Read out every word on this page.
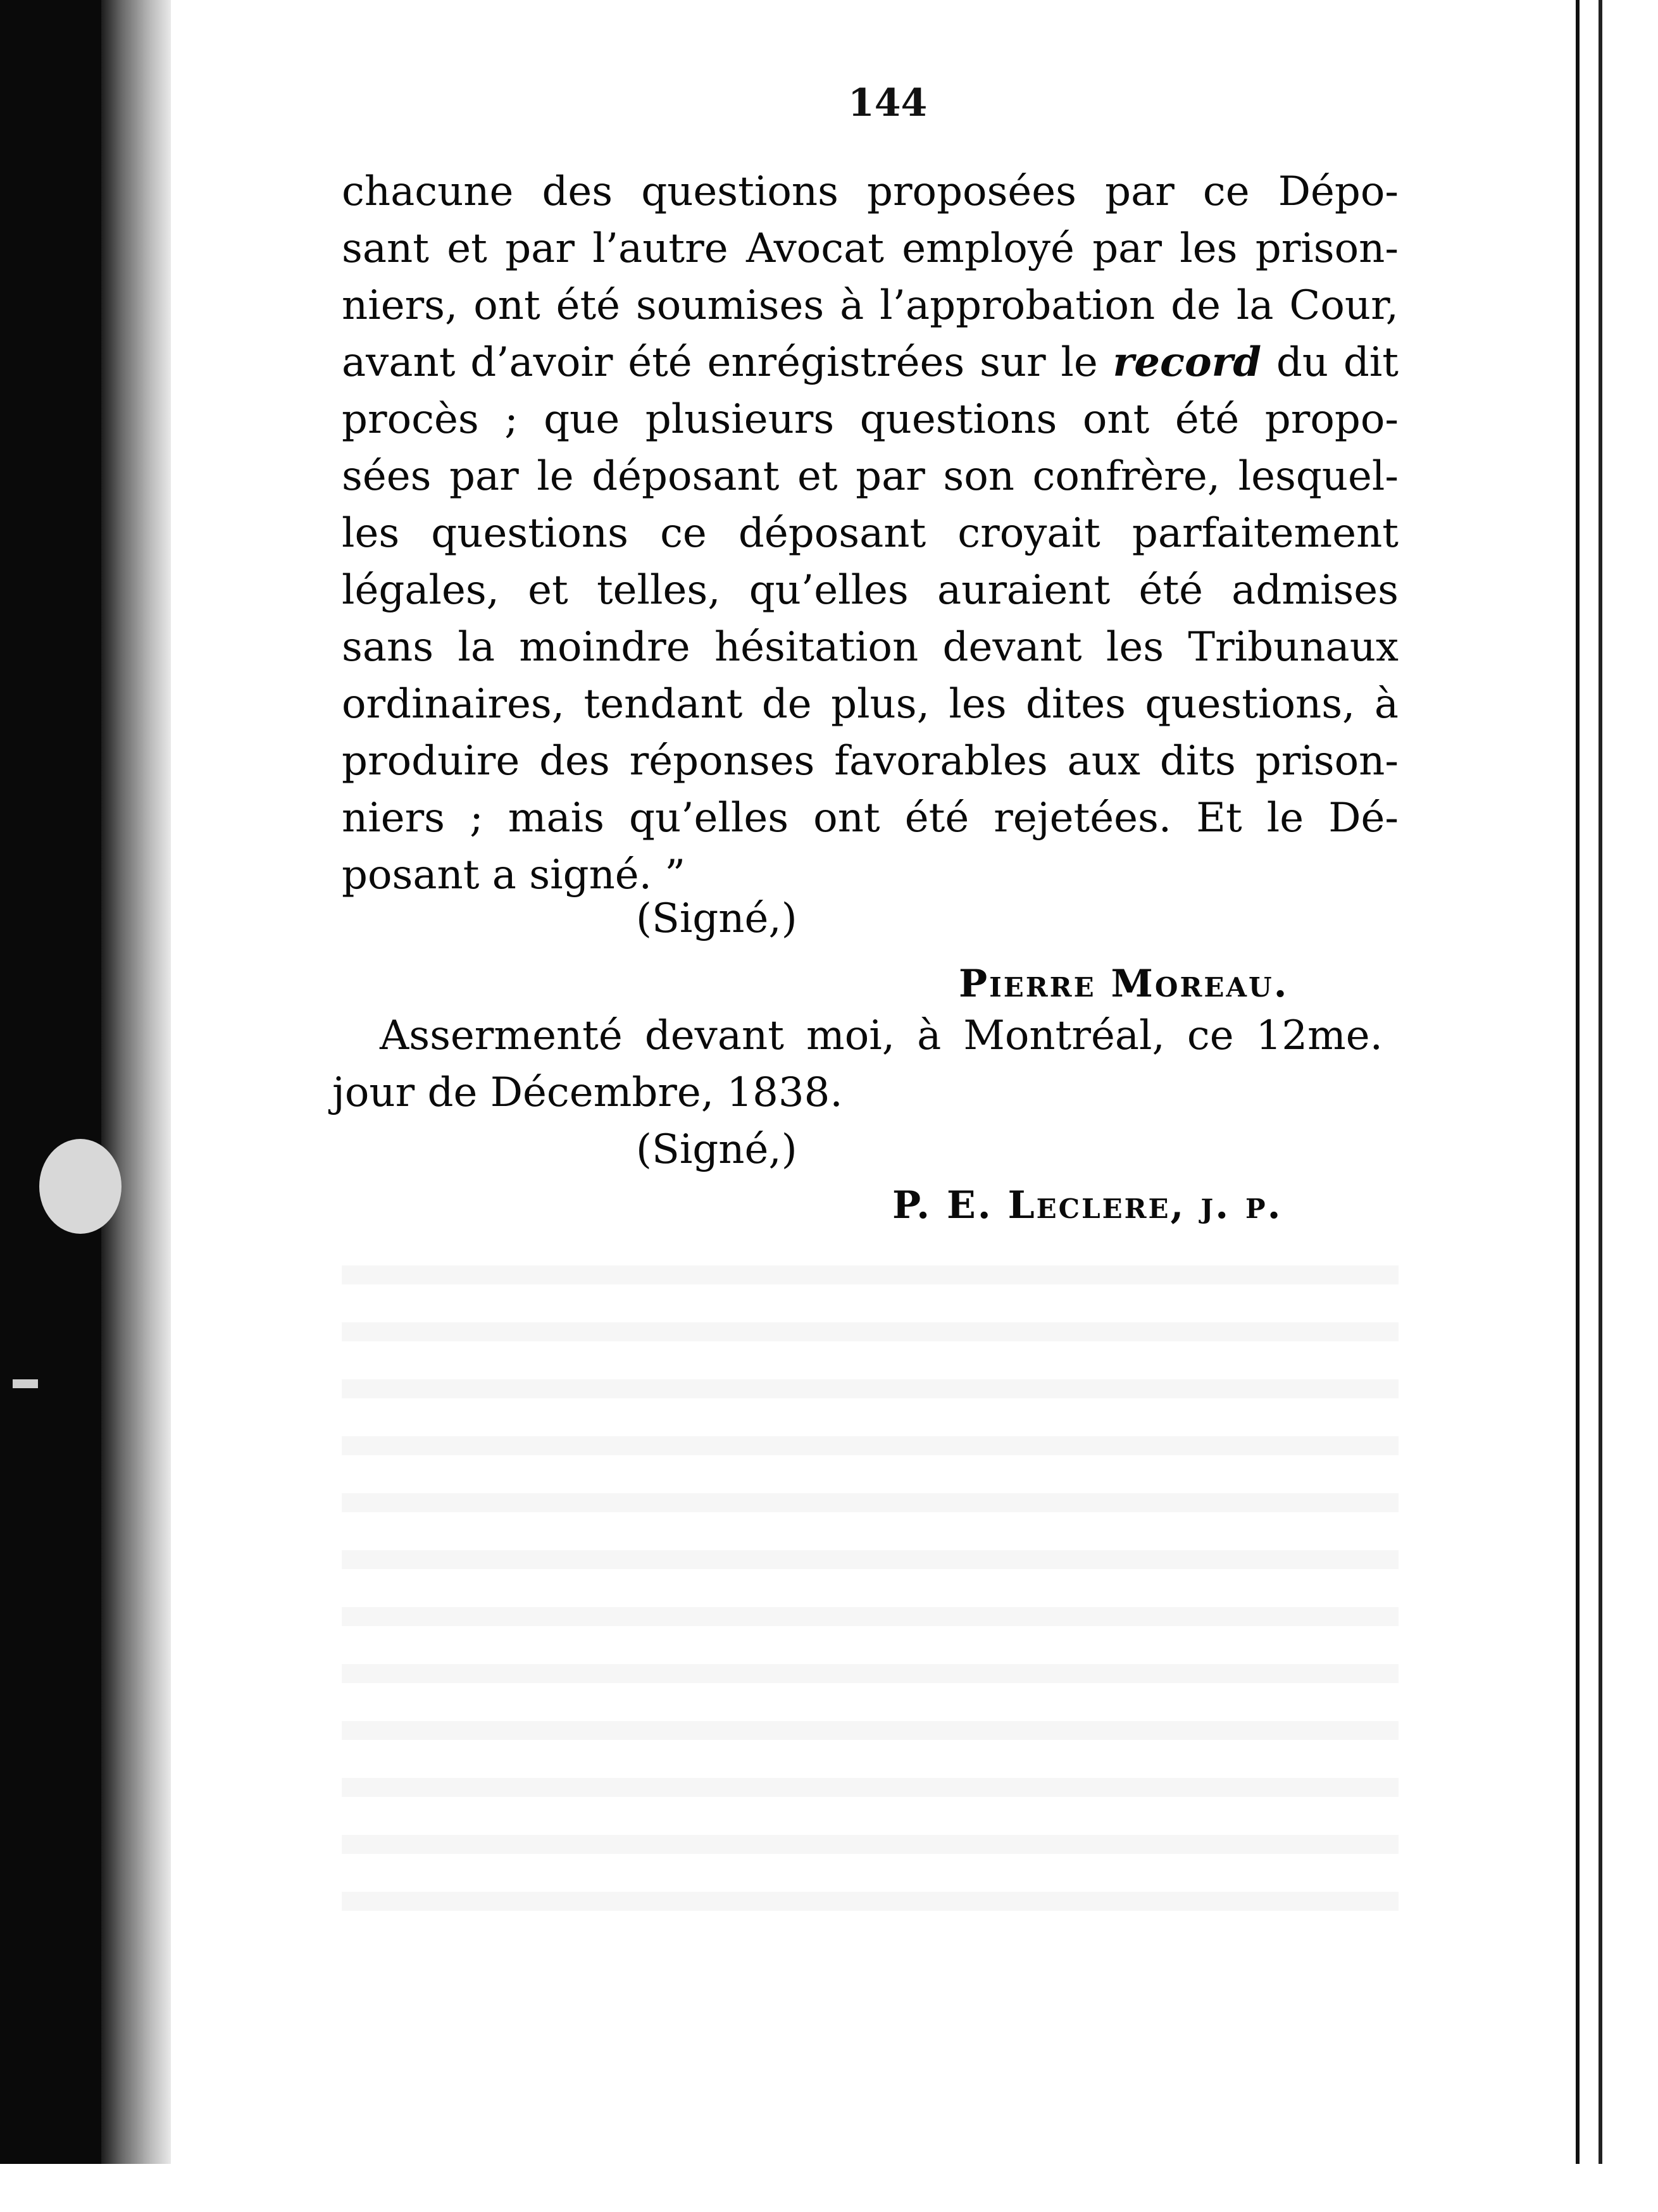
144
chacune des questions proposées par ce Dépo-
sant et par l’autre Avocat employé par les prison-
niers, ont été soumises à l’approbation de la Cour,
avant d’avoir été enrégistrées sur le record du dit
procès ; que plusieurs questions ont été propo-
sées par le déposant et par son confrère, lesquel-
les questions ce déposant croyait parfaitement
légales, et telles, qu’elles auraient été admises
sans la moindre hésitation devant les Tribunaux
ordinaires, tendant de plus, les dites questions, à
produire des réponses favorables aux dits prison-
niers ; mais qu’elles ont été rejetées. Et le Dé-
posant a signé. ”
(Signé,)
Pierre Moreau.
Assermenté devant moi, à Montréal, ce 12me.
jour de Décembre, 1838.
(Signé,)
P. E. Leclere, j. p.
